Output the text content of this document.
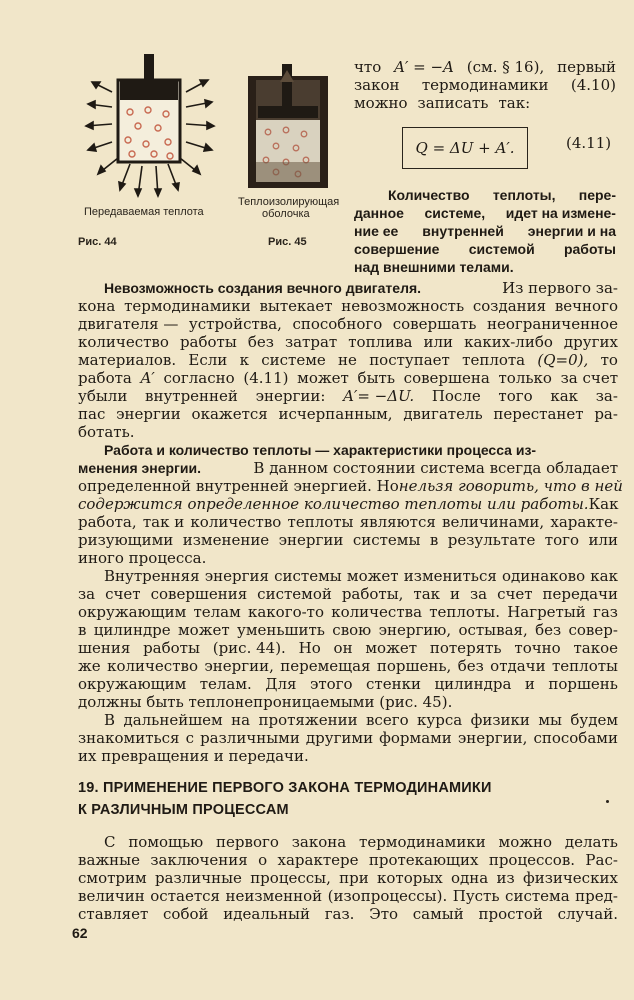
Передаваемая теплота
Рис. 44
Теплоизолирующая
оболочка
Рис. 45
что A′ = −A (см. § 16), первый
закон термодинамики (4.10)
можно записать так:
Q = ΔU + A′.	(4.11)
Количество теплоты, пере-
данное системе, идет на измене-
ние ее внутренней энергии и на
совершение системой работы
над внешними телами.
Невозможность создания вечного двигателя.	Из первого за-
кона термодинамики вытекает невозможность создания вечного
двигателя — устройства, способного совершать неограниченное
количество работы без затрат топлива или каких-либо других
материалов. Если к системе не поступает теплота (Q=0), то
работа A′ согласно (4.11) может быть совершена только за счет
убыли внутренней энергии: A′= −ΔU. После того как за-
пас энергии окажется исчерпанным, двигатель перестанет ра-
ботать.
Работа и количество теплоты — характеристики процесса из-
менения энергии.	В данном состоянии система всегда обладает
определенной внутренней энергией. Но нельзя говорить, что в ней
содержится определенное количество теплоты или работы. Как
работа, так и количество теплоты являются величинами, характе-
ризующими изменение энергии системы в результате того или
иного процесса.
Внутренняя энергия системы может измениться одинаково как
за счет совершения системой работы, так и за счет передачи
окружающим телам какого-то количества теплоты. Нагретый газ
в цилиндре может уменьшить свою энергию, остывая, без совер-
шения работы (рис. 44). Но он может потерять точно такое
же количество энергии, перемещая поршень, без отдачи теплоты
окружающим телам. Для этого стенки цилиндра и поршень
должны быть теплонепроницаемыми (рис. 45).
В дальнейшем на протяжении всего курса физики мы будем
знакомиться с различными другими формами энергии, способами
их превращения и передачи.
19. ПРИМЕНЕНИЕ ПЕРВОГО ЗАКОНА ТЕРМОДИНАМИКИ
К РАЗЛИЧНЫМ ПРОЦЕССАМ
С помощью первого закона термодинамики можно делать
важные заключения о характере протекающих процессов. Рас-
смотрим различные процессы, при которых одна из физических
величин остается неизменной (изопроцессы). Пусть система пред-
ставляет собой идеальный газ. Это самый простой случай.
62
